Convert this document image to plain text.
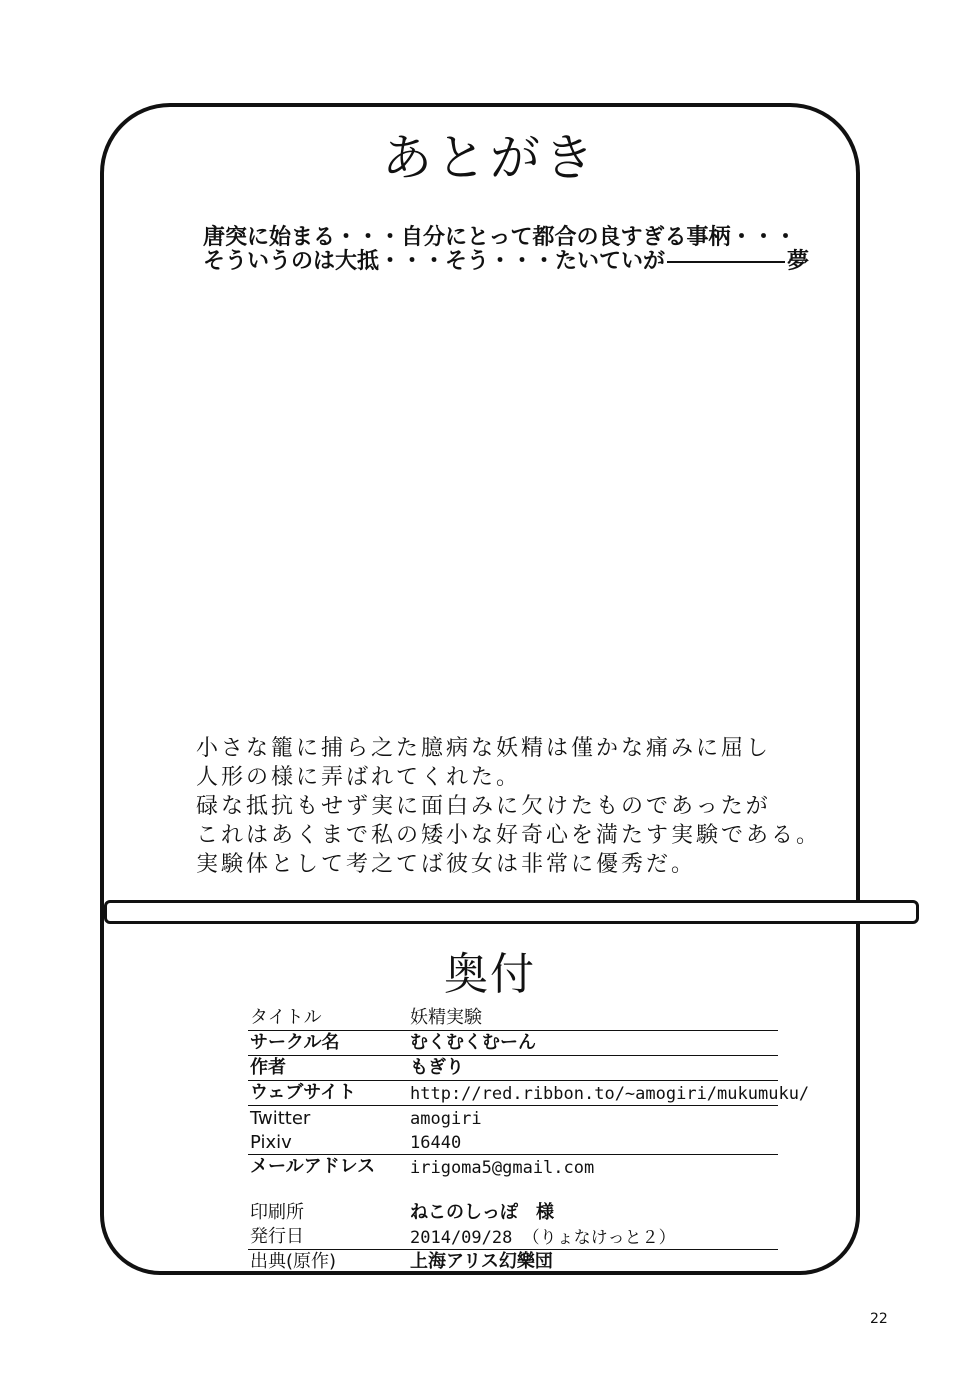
あとがき
唐突に始まる・・・自分にとって都合の良すぎる事柄・・・
そういうのは大抵・・・そう・・・たいていが	夢
小さな籠に捕ら之た臆病な妖精は僅かな痛みに屈し
人形の様に弄ばれてくれた。
碌な抵抗もせず実に面白みに欠けたものであったが
これはあくまで私の矮小な好奇心を満たす実験である。
実験体として考之てば彼女は非常に優秀だ。
奥付
タイトル	妖精実験
サークル名	むくむくむーん
作者	もぎり
ウェブサイト	http://red.ribbon.to/~amogiri/mukumuku/
Twitter	amogiri
Pixiv	16440
メールアドレス irigoma5@gmail.com
印刷所	ねこのしっぽ　様
発行日	2014/09/28 （りょなけっと２）
出典(原作)	上海アリス幻樂団
22
